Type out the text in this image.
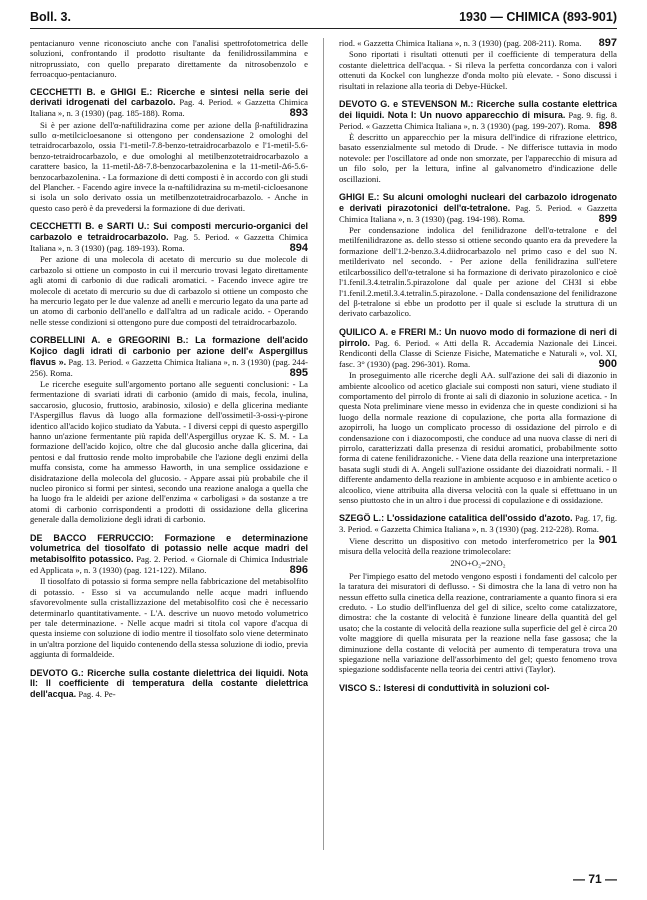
Boll. 3.	1930 — CHIMICA (893-901)

pentacianuro venne riconosciuto anche con l'analisi spettrofotometrica delle soluzioni, confrontando il prodotto risultante da fenilidrossilammina e nitroprussiato, con quello preparato direttamente da nitrosobenzolo e ferroacquo-pentacianuro.

CECCHETTI B. e GHIGI E.: Ricerche e sintesi nella serie dei derivati idrogenati del carbazolo. Pag. 4. Period. « Gazzetta Chimica Italiana », n. 3 (1930) (pag. 185-188). Roma.	893

Si è per azione dell'α-naftilidrazina come per azione della β-naftilidrazina sullo α-metilcicloesanone si ottengono per condensazione 2 omologhi del tetraidrocarbazolo, ossia l'1-metil-7.8-benzo-tetraidrocarbazolo e l'1-metil-5.6-benzo-tetraidrocarbazolo, e due omologhi al metilbenzotetraidrocarbazolo a carattere basico, la 11-metil-Δ8-7.8-benzocarbazolenina e la 11-metil-Δ6-5.6-benzocarbazolenina. - La formazione di detti composti è in accordo con gli studi del Plancher. - Facendo agire invece la α-naftilidrazina su m-metil-cicloesanone si isola un solo derivato ossia un metilbenzotetraidrocarbazolo. - Anche in questo caso però è da prevedersi la formazione di due derivati.

CECCHETTI B. e SARTI U.: Sui composti mercurio-organici del carbazolo e tetraidrocarbazolo. Pag. 5. Period. « Gazzetta Chimica Italiana », n. 3 (1930) (pag. 189-193). Roma.	894

Per azione di una molecola di acetato di mercurio su due molecole di carbazolo si ottiene un composto in cui il mercurio trovasi legato direttamente agli atomi di carbonio di due radicali aromatici. - Facendo invece agire tre molecole di acetato di mercurio su due di carbazolo si ottiene un composto che ha mercurio legato per le due valenze ad anelli e mercurio legato da una parte ad un atomo di carbonio dell'anello e dall'altra ad un radicale acido. - Operando nelle stesse condizioni si ottengono pure due composti del tetraidrocarbazolo.

CORBELLINI A. e GREGORINI B.: La formazione dell'acido Kojico dagli idrati di carbonio per azione dell'« Aspergillus flavus ». Pag. 13. Period. « Gazzetta Chimica Italiana », n. 3 (1930) (pag. 244-256). Roma.	895

Le ricerche eseguite sull'argomento portano alle seguenti conclusioni: - La fermentazione di svariati idrati di carbonio (amido di mais, fecola, inulina, saccarosio, glucosio, fruttosio, arabinosio, xilosio) e della glicerina mediante l'Aspergillus flavus dà luogo alla formazione dell'ossimetil-3-ossi-γ-pirone identico all'acido kojico studiato da Yabuta. - I diversi ceppi di questo aspergillo hanno un'azione fermentante più rapida dell'Aspergillus oryzae K. S. M. - La formazione dell'acido kojico, oltre che dal glucosio anche dalla glicerina, dai pentosi e dal fruttosio rende molto improbabile che l'azione degli enzimi della muffa consista, come ha ammesso Haworth, in una semplice ossidazione e disidratazione della molecola del glucosio. - Appare assai più probabile che il nucleo pironico si formi per sintesi, secondo una reazione analoga a quella che ha luogo fra le aldeidi per azione dell'enzima « carboligasi » da sostanze a tre atomi di carbonio corrispondenti a prodotti di ossidazione della glicerina generale dalla demolizione degli idrati di carbonio.

DE BACCO FERRUCCIO: Formazione e determinazione volumetrica del tiosolfato di potassio nelle acque madri del metabisolfito potassico. Pag. 2. Period. « Giornale di Chimica Industriale ed Applicata », n. 3 (1930) (pag. 121-122). Milano.	896

Il tiosolfato di potassio si forma sempre nella fabbricazione del metabisolfito di potassio. - Esso si va accumulando nelle acque madri influendo sfavorevolmente sulla cristallizzazione del metabisolfito così che è necessario determinarlo quantitativamente. - L'A. descrive un nuovo metodo volumetrico per tale determinazione. - Nelle acque madri si titola col vapore d'acqua di questa insieme con soluzione di iodio mentre il tiosolfato solo viene determinato in un'altra porzione del liquido contenendo della stessa soluzione di iodio, previa aggiunta di formaldeide.

DEVOTO G.: Ricerche sulla costante dielettrica dei liquidi. Nota II: Il coefficiente di temperatura della costante dielettrica dell'acqua. Pag. 4. Pe-

riod. « Gazzetta Chimica Italiana », n. 3 (1930) (pag. 208-211). Roma. 897

Sono riportati i risultati ottenuti per il coefficiente di temperatura della costante dielettrica dell'acqua. - Si rileva la perfetta concordanza con i valori ottenuti da Kockel con lunghezze d'onda molto più elevate. - Sono discussi i risultati in relazione alla teoria di Debye-Hückel.

DEVOTO G. e STEVENSON M.: Ricerche sulla costante elettrica dei liquidi. Nota I: Un nuovo apparecchio di misura. Pag. 9. fig. 8. Period. « Gazzetta Chimica Italiana », n. 3 (1930) (pag. 199-207). Roma. 898

È descritto un apparecchio per la misura dell'indice di rifrazione elettrico, basato essenzialmente sul metodo di Drude. - Ne differisce tuttavia in modo notevole: per l'oscillatore ad onde non smorzate, per l'apparecchio di misura ad un filo solo, per la lettura, infine al galvanometro d'indicazione delle oscillazioni.

GHIGI E.: Su alcuni omologhi nucleari del carbazolo idrogenato e derivati pirazotonici dell'α-tetralone. Pag. 5. Period. « Gazzetta Chimica Italiana », n. 3 (1930) (pag. 194-198). Roma.	899

Per condensazione indolica del fenilidrazone dell'α-tetralone e del metilfenilidrazone as. dello stesso si ottiene secondo quanto era da prevedere la formazione dell'1.2-benzo.3.4.diidrocarbazolo nel primo caso e del suo N. metilderivato nel secondo. - Per azione della fenilidrazina sull'etere etilcarbossilico dell'α-tetralone si ha formazione di derivato pirazolonico e cioè l'1.fenil.3.4.tetralin.5.pirazolone dal quale per azione del CH3I si ebbe l'1.fenil.2.metil.3.4.tetralin.5.pirazolone. - Dalla condensazione del fenilidrazone del β-tetralone si ebbe un prodotto per il quale si esclude la struttura di un derivato carbazolico.

QUILICO A. e FRERI M.: Un nuovo modo di formazione di neri di pirrolo. Pag. 6. Period. « Atti della R. Accademia Nazionale dei Lincei. Rendiconti della Classe di Scienze Fisiche, Matematiche e Naturali », vol. XI, fasc. 3° (1930) (pag. 296-301). Roma.	900

In proseguimento alle ricerche degli AA. sull'azione dei sali di diazonio in ambiente alcoolico od acetico glaciale sui composti non saturi, viene studiato il comportamento del pirrolo di fronte ai sali di diazonio in soluzione acetica. - In questa Nota preliminare viene messo in evidenza che in queste condizioni si ha luogo della normale reazione di copulazione, che porta alla formazione di azopirroli, ha luogo un complicato processo di ossidazione del pirrolo e di condensazione con i diazocomposti, che conduce ad una nuova classe di neri di pirrolo, caratterizzati dalla presenza di residui aromatici, probabilmente sotto forma di catene fenilidrazoniche. - Viene data della reazione una interpretazione basata sugli studi di A. Angeli sull'azione ossidante dei diazoidrati normali. - Il differente andamento della reazione in ambiente acquoso e in ambiente acetico o alcoolico, viene attribuita alla diversa velocità con la quale si effettuano in un senso piuttosto che in un altro i due processi di copulazione e di ossidazione.

SZEGÖ L.: L'ossidazione catalitica dell'ossido d'azoto. Pag. 17, fig. 3. Period. « Gazzetta Chimica Italiana », n. 3 (1930) (pag. 212-228). Roma.
901

Viene descritto un dispositivo con metodo interferometrico per la misura della velocità della reazione trimolecolare:

2NO+O₂=2NO₂

Per l'impiego esatto del metodo vengono esposti i fondamenti del calcolo per la taratura dei misuratori di deflusso. - Si dimostra che la lana di vetro non ha nessun effetto sulla cinetica della reazione, contrariamente a quanto finora si era creduto. - Lo studio dell'influenza del gel di silice, scelto come catalizzatore, dimostra: che la costante di velocità è funzione lineare della quantità del gel usato; che la costante di velocità della reazione sulla superficie del gel è circa 20 volte maggiore di quella misurata per la reazione nella fase gassosa; che la diminuzione della costante di velocità per aumento di temperatura trova una spiegazione nella variazione dell'assorbimento del gel; questo fenomeno trova spiegazione soddisfacente nella teoria dei centri attivi (Taylor).

VISCO S.: Isteresi di conduttività in soluzioni col-

— 71 —
